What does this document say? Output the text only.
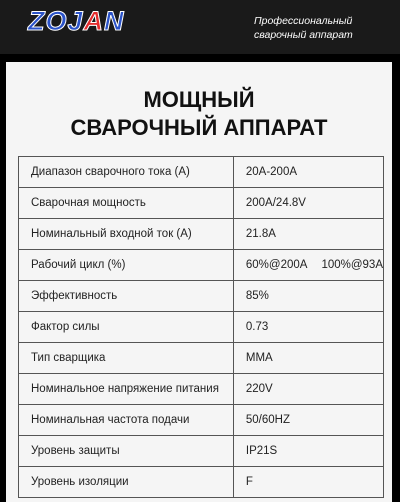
ZOJAN	Профессиональный
сварочный аппарат
МОЩНЫЙ
СВАРОЧНЫЙ АППАРАТ
Диапазон сварочного тока (А)	20А-200А
Сварочная мощность	200A/24.8V
Номинальный входной ток (А)	21.8A
Рабочий цикл (%)	60%@200A 100%@93A
Эффективность	85%
Фактор силы	0.73
Тип сварщика	MMA
Номинальное напряжение питания	220V
Номинальная частота подачи	50/60HZ
Уровень защиты	IP21S
Уровень изоляции	F
